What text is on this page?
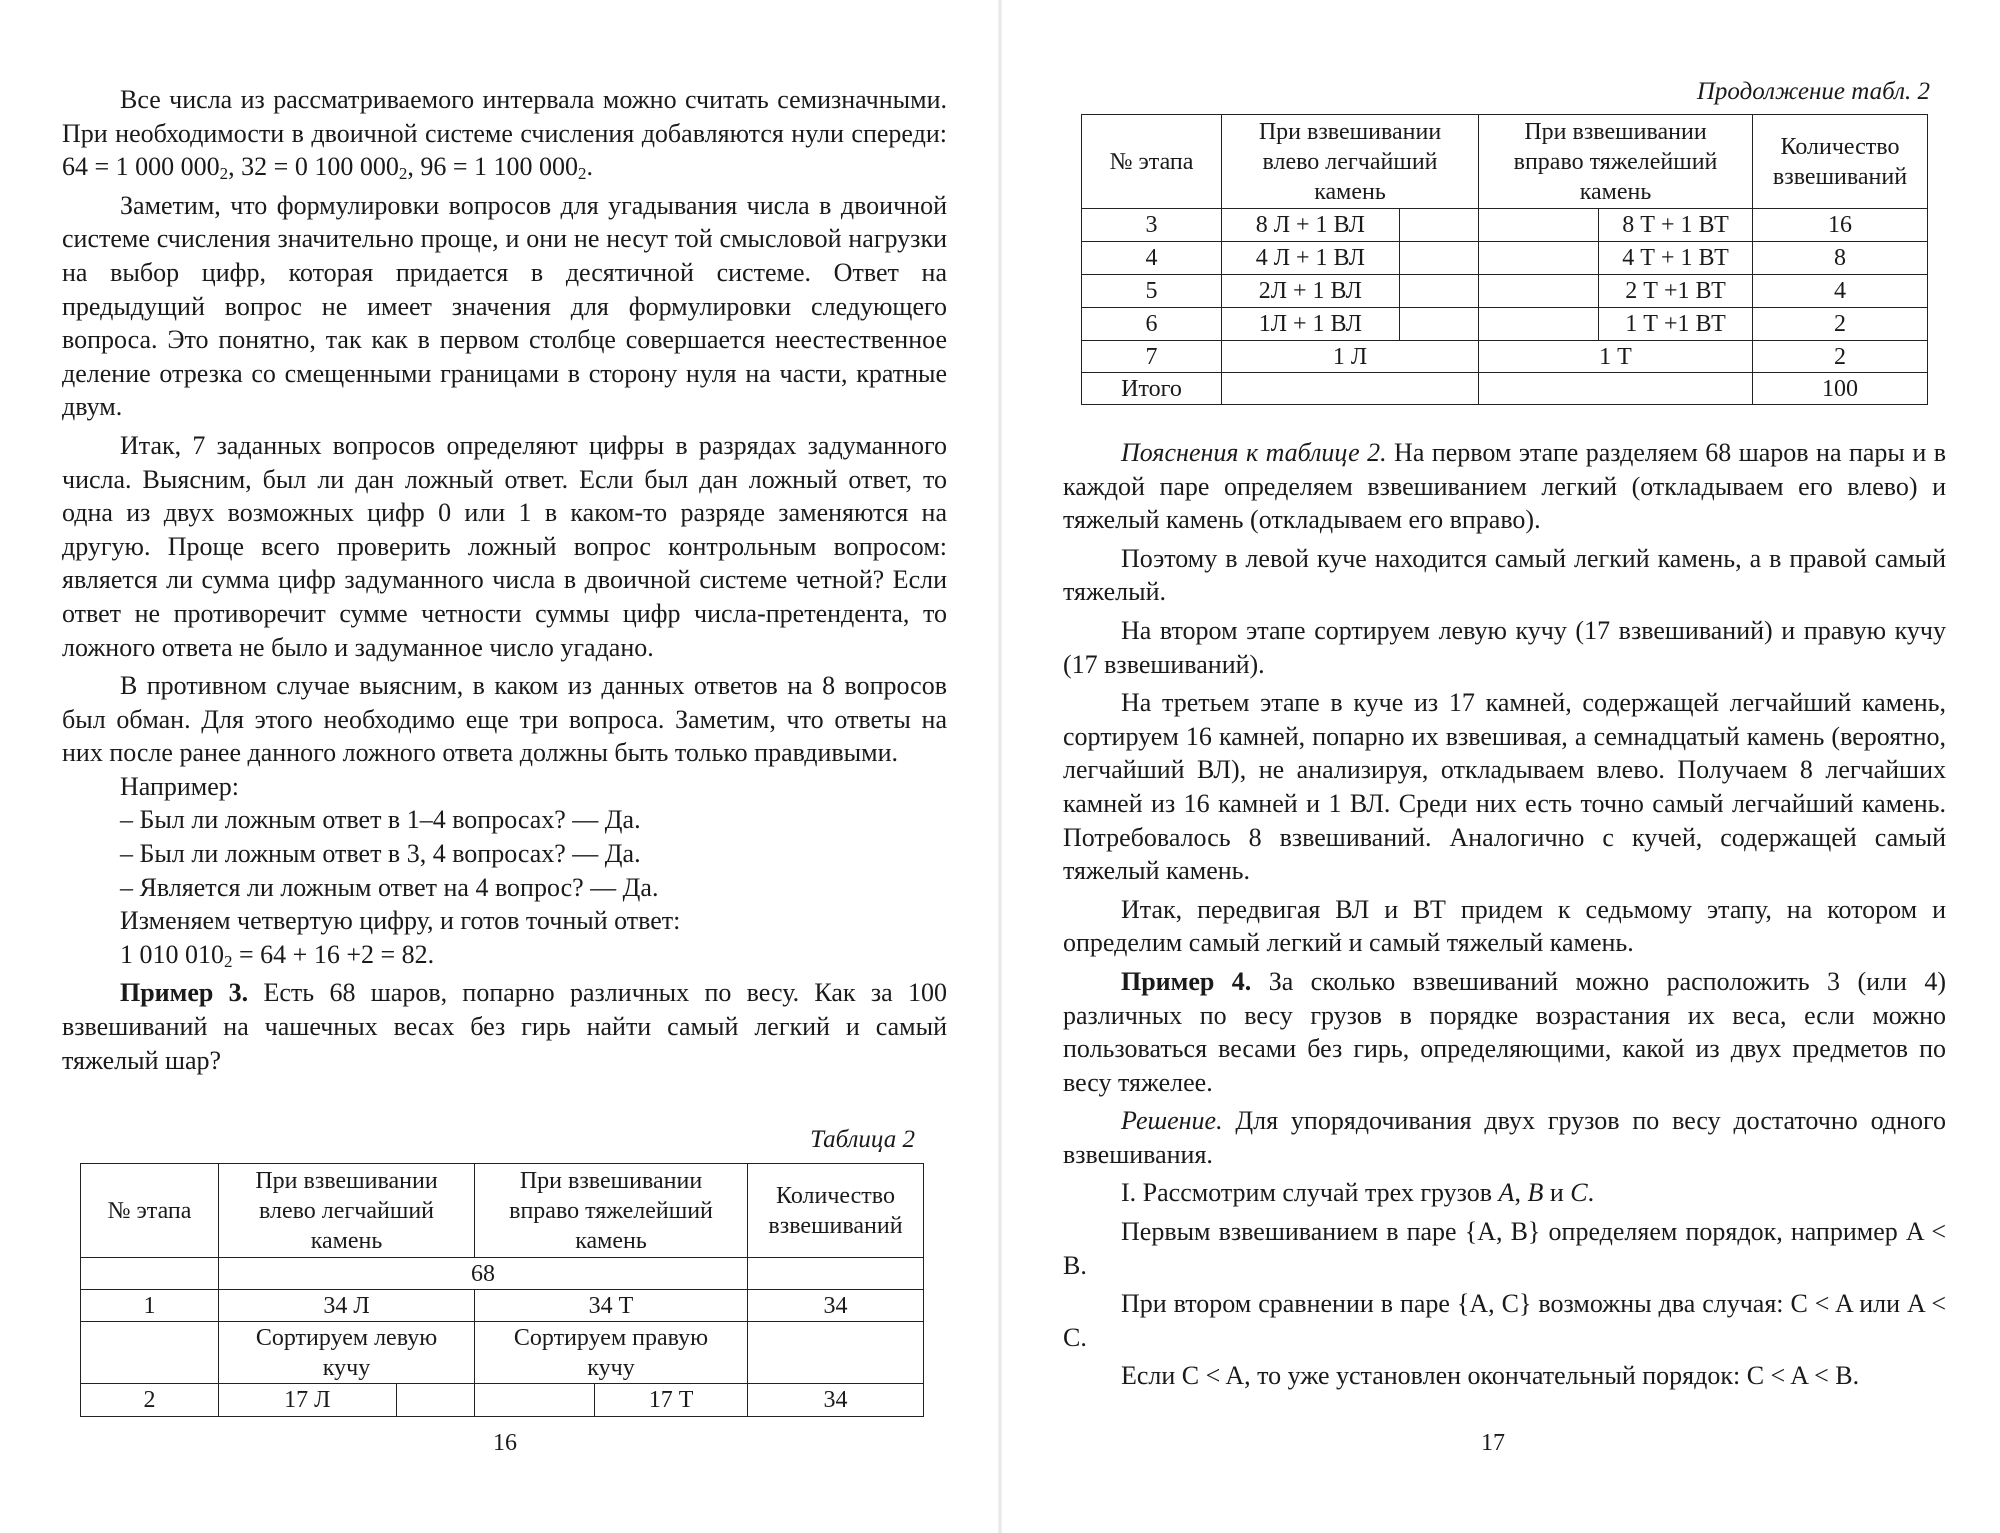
Все числа из рассматриваемого интервала можно считать семизначными. При необходимости в двоичной системе счисления добавляются нули спереди: 64 = 1 000 $000_2$, 32 = 0 100 $000_2$, 96 = 1 100 $000_2$.

Заметим, что формулировки вопросов для угадывания числа в двоичной системе счисления значительно проще, и они не несут той смысловой нагрузки на выбор цифр, которая придается в десятичной системе. Ответ на предыдущий вопрос не имеет значения для формулировки следующего вопроса. Это понятно, так как в первом столбце совершается неестественное деление отрезка со смещенными границами в сторону нуля на части, кратные двум.

Итак, 7 заданных вопросов определяют цифры в разрядах задуманного числа. Выясним, был ли дан ложный ответ. Если был дан ложный ответ, то одна из двух возможных цифр 0 или 1 в каком-то разряде заменяются на другую. Проще всего проверить ложный вопрос контрольным вопросом: является ли сумма цифр задуманного числа в двоичной системе четной? Если ответ не противоречит сумме четности суммы цифр числа-претендента, то ложного ответа не было и задуманное число угадано.

В противном случае выясним, в каком из данных ответов на 8 вопросов был обман. Для этого необходимо еще три вопроса. Заметим, что ответы на них после ранее данного ложного ответа должны быть только правдивыми.

Например:

– Был ли ложным ответ в 1–4 вопросах? — Да.

– Был ли ложным ответ в 3, 4 вопросах? — Да.

– Является ли ложным ответ на 4 вопрос? — Да.

Изменяем четвертую цифру, и готов точный ответ:

1 010 $010_2 = 64 + 16 +2 = 82$.

Пример 3. Есть 68 шаров, попарно различных по весу. Как за 100 взвешиваний на чашечных весах без гирь найти самый легкий и самый тяжелый шар?

Таблица 2
№ этапа	При взвешивании влево легчайший камень	При взвешивании вправо тяжелейший камень	Количество взвешиваний
	68		
1	34 Л	34 Т	34
	Сортируем левую кучу	Сортируем правую кучу	
2	17 Л	17 Т	34
16
Продолжение табл. 2
№ этапа	При взвешивании влево легчайший камень	При взвешивании вправо тяжелейший камень	Количество взвешиваний
3	8 Л + 1 ВЛ	8 Т + 1 ВТ	16
4	4 Л + 1 ВЛ	4 Т + 1 ВТ	8
5	2Л + 1 ВЛ	2 Т +1 ВТ	4
6	1Л + 1 ВЛ	1 Т +1 ВТ	2
7	1 Л	1 Т	2
Итого			100

Пояснения к таблице 2. На первом этапе разделяем 68 шаров на пары и в каждой паре определяем взвешиванием легкий (откладываем его влево) и тяжелый камень (откладываем его вправо).

Поэтому в левой куче находится самый легкий камень, а в правой самый тяжелый.

На втором этапе сортируем левую кучу (17 взвешиваний) и правую кучу (17 взвешиваний).

На третьем этапе в куче из 17 камней, содержащей легчайший камень, сортируем 16 камней, попарно их взвешивая, а семнадцатый камень (вероятно, легчайший ВЛ), не анализируя, откладываем влево. Получаем 8 легчайших камней из 16 камней и 1 ВЛ. Среди них есть точно самый легчайший камень. Потребовалось 8 взвешиваний. Аналогично с кучей, содержащей самый тяжелый камень.

Итак, передвигая ВЛ и ВТ придем к седьмому этапу, на котором и определим самый легкий и самый тяжелый камень.

Пример 4. За сколько взвешиваний можно расположить 3 (или 4) различных по весу грузов в порядке возрастания их веса, если можно пользоваться весами без гирь, определяющими, какой из двух предметов по весу тяжелее.

Решение. Для упорядочивания двух грузов по весу достаточно одного взвешивания.

I. Рассмотрим случай трех грузов A, B и C.

Первым взвешиванием в паре {A, B} определяем порядок, например A < B.

При втором сравнении в паре {A, C} возможны два случая: C < A или A < C.

Если C < A, то уже установлен окончательный порядок: C < A < B.

17
